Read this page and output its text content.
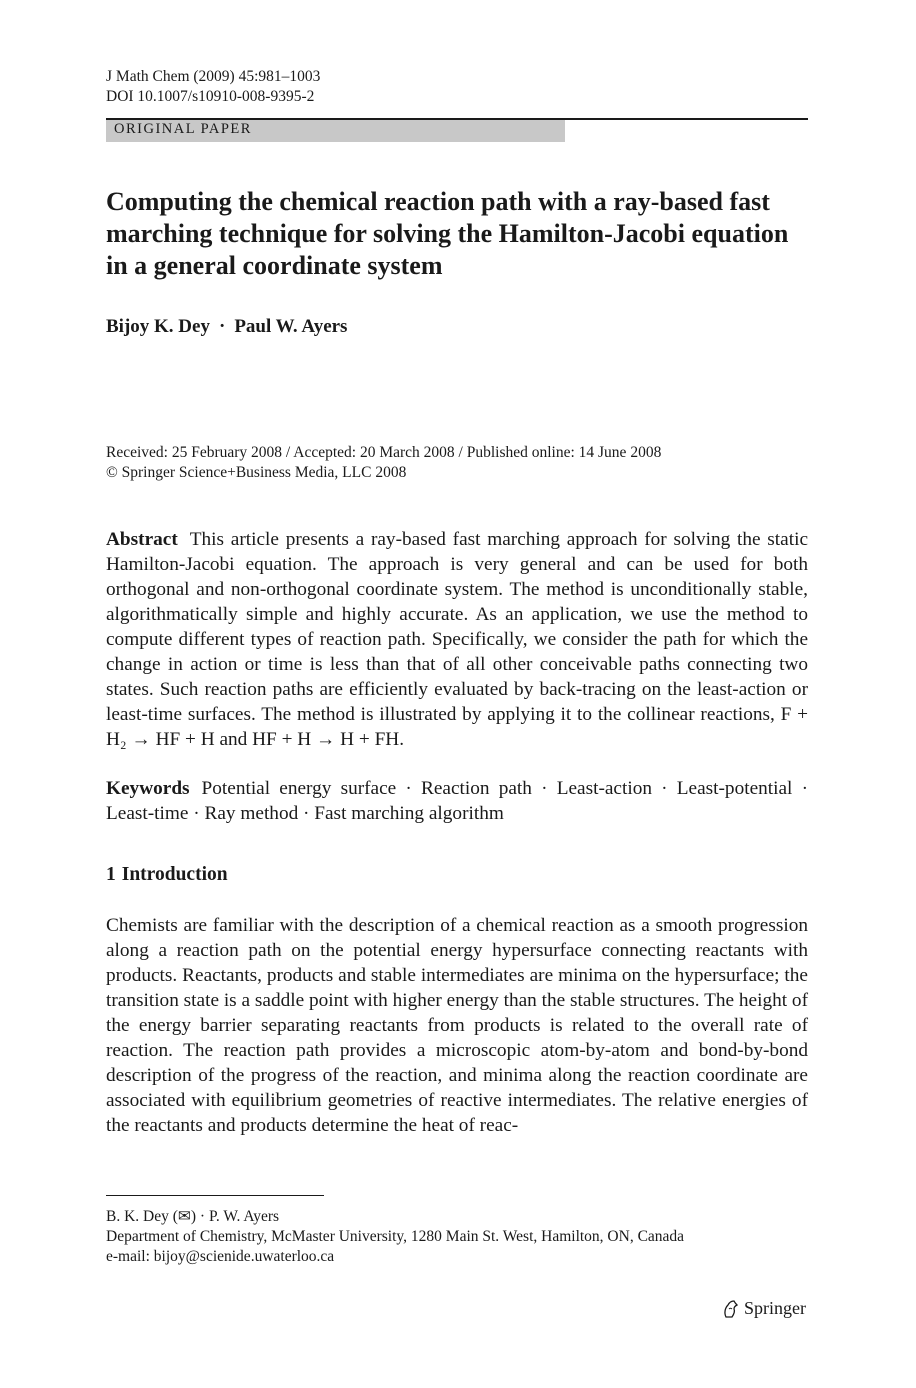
J Math Chem (2009) 45:981–1003
DOI 10.1007/s10910-008-9395-2
ORIGINAL PAPER
Computing the chemical reaction path with a ray-based fast marching technique for solving the Hamilton-Jacobi equation in a general coordinate system
Bijoy K. Dey · Paul W. Ayers
Received: 25 February 2008 / Accepted: 20 March 2008 / Published online: 14 June 2008
© Springer Science+Business Media, LLC 2008
Abstract This article presents a ray-based fast marching approach for solving the static Hamilton-Jacobi equation. The approach is very general and can be used for both orthogonal and non-orthogonal coordinate system. The method is unconditionally stable, algorithmatically simple and highly accurate. As an application, we use the method to compute different types of reaction path. Specifically, we consider the path for which the change in action or time is less than that of all other conceivable paths connecting two states. Such reaction paths are efficiently evaluated by back-tracing on the least-action or least-time surfaces. The method is illustrated by applying it to the collinear reactions, F + H₂ → HF + H and HF + H → H + FH.
Keywords Potential energy surface · Reaction path · Least-action · Least-potential · Least-time · Ray method · Fast marching algorithm
1 Introduction
Chemists are familiar with the description of a chemical reaction as a smooth progression along a reaction path on the potential energy hypersurface connecting reactants with products. Reactants, products and stable intermediates are minima on the hypersurface; the transition state is a saddle point with higher energy than the stable structures. The height of the energy barrier separating reactants from products is related to the overall rate of reaction. The reaction path provides a microscopic atom-by-atom and bond-by-bond description of the progress of the reaction, and minima along the reaction coordinate are associated with equilibrium geometries of reactive intermediates. The relative energies of the reactants and products determine the heat of reac-
B. K. Dey (✉) · P. W. Ayers
Department of Chemistry, McMaster University, 1280 Main St. West, Hamilton, ON, Canada
e-mail: bijoy@scienide.uwaterloo.ca
Springer
